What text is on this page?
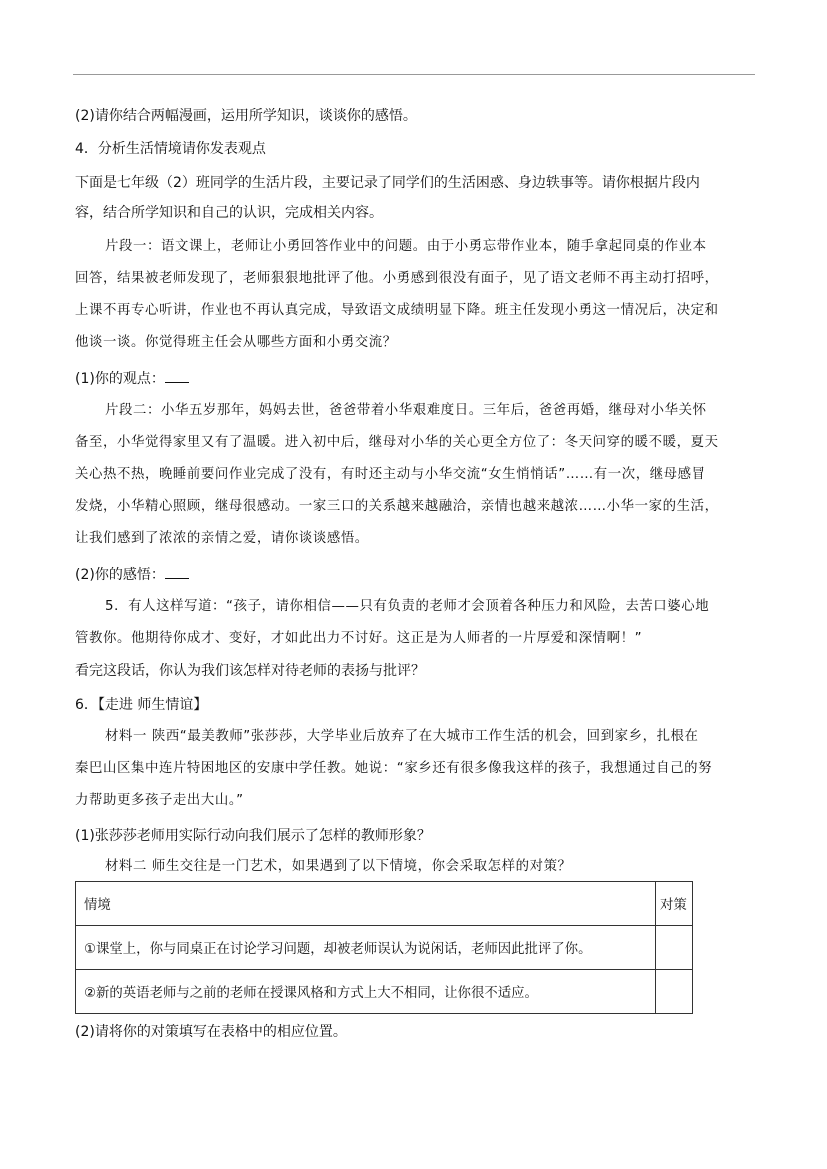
(2)请你结合两幅漫画，运用所学知识，谈谈你的感悟。
4．分析生活情境请你发表观点
下面是七年级（2）班同学的生活片段，主要记录了同学们的生活困惑、身边轶事等。请你根据片段内
容，结合所学知识和自己的认识，完成相关内容。
片段一：语文课上，老师让小勇回答作业中的问题。由于小勇忘带作业本，随手拿起同桌的作业本
回答，结果被老师发现了，老师狠狠地批评了他。小勇感到很没有面子，见了语文老师不再主动打招呼，
上课不再专心听讲，作业也不再认真完成，导致语文成绩明显下降。班主任发现小勇这一情况后，决定和
他谈一谈。你觉得班主任会从哪些方面和小勇交流？
(1)你的观点：
片段二：小华五岁那年，妈妈去世，爸爸带着小华艰难度日。三年后，爸爸再婚，继母对小华关怀
备至，小华觉得家里又有了温暖。进入初中后，继母对小华的关心更全方位了：冬天问穿的暖不暖，夏天
关心热不热，晚睡前要问作业完成了没有，有时还主动与小华交流“女生悄悄话”……有一次，继母感冒
发烧，小华精心照顾，继母很感动。一家三口的关系越来越融洽，亲情也越来越浓……小华一家的生活，
让我们感到了浓浓的亲情之爱，请你谈谈感悟。
(2)你的感悟：
5．有人这样写道：“孩子，请你相信——只有负责的老师才会顶着各种压力和风险，去苦口婆心地
管教你。他期待你成才、变好，才如此出力不讨好。这正是为人师者的一片厚爱和深情啊！”
看完这段话，你认为我们该怎样对待老师的表扬与批评？
6．【走进 师生情谊】
材料一 陕西“最美教师”张莎莎，大学毕业后放弃了在大城市工作生活的机会，回到家乡，扎根在
秦巴山区集中连片特困地区的安康中学任教。她说：“家乡还有很多像我这样的孩子，我想通过自己的努
力帮助更多孩子走出大山。”
(1)张莎莎老师用实际行动向我们展示了怎样的教师形象？
材料二 师生交往是一门艺术，如果遇到了以下情境，你会采取怎样的对策？
情境	对策
①课堂上，你与同桌正在讨论学习问题，却被老师误认为说闲话，老师因此批评了你。	
②新的英语老师与之前的老师在授课风格和方式上大不相同，让你很不适应。	
(2)请将你的对策填写在表格中的相应位置。
